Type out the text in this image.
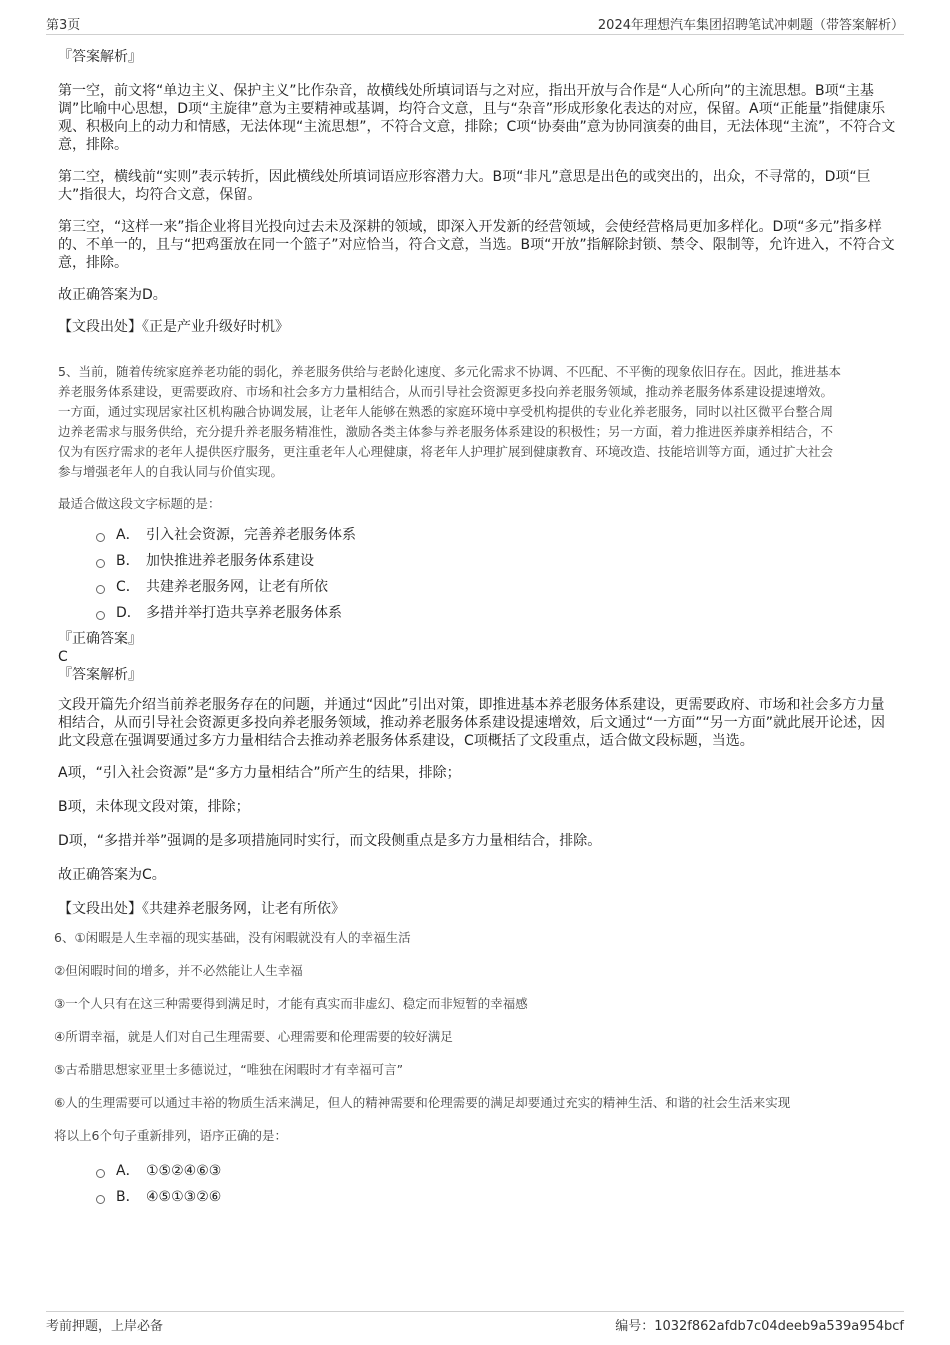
第3页	2024年理想汽车集团招聘笔试冲刺题（带答案解析）
『答案解析』
第一空，前文将“单边主义、保护主义”比作杂音，故横线处所填词语与之对应，指出开放与合作是“人心所向”的主流思想。B项“主基调”比喻中心思想，D项“主旋律”意为主要精神或基调，均符合文意，且与“杂音”形成形象化表达的对应，保留。A项“正能量”指健康乐观、积极向上的动力和情感，无法体现“主流思想”，不符合文意，排除；C项“协奏曲”意为协同演奏的曲目，无法体现“主流”，不符合文意，排除。
第二空，横线前“实则”表示转折，因此横线处所填词语应形容潜力大。B项“非凡”意思是出色的或突出的，出众，不寻常的，D项“巨大”指很大，均符合文意，保留。
第三空，“这样一来”指企业将目光投向过去未及深耕的领域，即深入开发新的经营领域，会使经营格局更加多样化。D项“多元”指多样的、不单一的，且与“把鸡蛋放在同一个篮子”对应恰当，符合文意，当选。B项“开放”指解除封锁、禁令、限制等，允许进入，不符合文意，排除。
故正确答案为D。
【文段出处】《正是产业升级好时机》
5、当前，随着传统家庭养老功能的弱化，养老服务供给与老龄化速度、多元化需求不协调、不匹配、不平衡的现象依旧存在。因此，推进基本
养老服务体系建设，更需要政府、市场和社会多方力量相结合，从而引导社会资源更多投向养老服务领域，推动养老服务体系建设提速增效。
一方面，通过实现居家社区机构融合协调发展，让老年人能够在熟悉的家庭环境中享受机构提供的专业化养老服务，同时以社区微平台整合周
边养老需求与服务供给，充分提升养老服务精准性，激励各类主体参与养老服务体系建设的积极性；另一方面，着力推进医养康养相结合，不
仅为有医疗需求的老年人提供医疗服务，更注重老年人心理健康，将老年人护理扩展到健康教育、环境改造、技能培训等方面，通过扩大社会
参与增强老年人的自我认同与价值实现。
最适合做这段文字标题的是：
A． 引入社会资源，完善养老服务体系
B． 加快推进养老服务体系建设
C． 共建养老服务网，让老有所依
D． 多措并举打造共享养老服务体系
『正确答案』
C
『答案解析』
文段开篇先介绍当前养老服务存在的问题，并通过“因此”引出对策，即推进基本养老服务体系建设，更需要政府、市场和社会多方力量相结合，从而引导社会资源更多投向养老服务领域，推动养老服务体系建设提速增效，后文通过“一方面”“另一方面”就此展开论述，因此文段意在强调要通过多方力量相结合去推动养老服务体系建设，C项概括了文段重点，适合做文段标题，当选。
A项，“引入社会资源”是“多方力量相结合”所产生的结果，排除；
B项，未体现文段对策，排除；
D项，“多措并举”强调的是多项措施同时实行，而文段侧重点是多方力量相结合，排除。
故正确答案为C。
【文段出处】《共建养老服务网，让老有所依》
6、①闲暇是人生幸福的现实基础，没有闲暇就没有人的幸福生活
②但闲暇时间的增多，并不必然能让人生幸福
③一个人只有在这三种需要得到满足时，才能有真实而非虚幻、稳定而非短暂的幸福感
④所谓幸福，就是人们对自己生理需要、心理需要和伦理需要的较好满足
⑤古希腊思想家亚里士多德说过，“唯独在闲暇时才有幸福可言”
⑥人的生理需要可以通过丰裕的物质生活来满足，但人的精神需要和伦理需要的满足却要通过充实的精神生活、和谐的社会生活来实现
将以上6个句子重新排列，语序正确的是：
A． ①⑤②④⑥③
B． ④⑤①③②⑥
考前押题，上岸必备	编号：1032f862afdb7c04deeb9a539a954bcf
